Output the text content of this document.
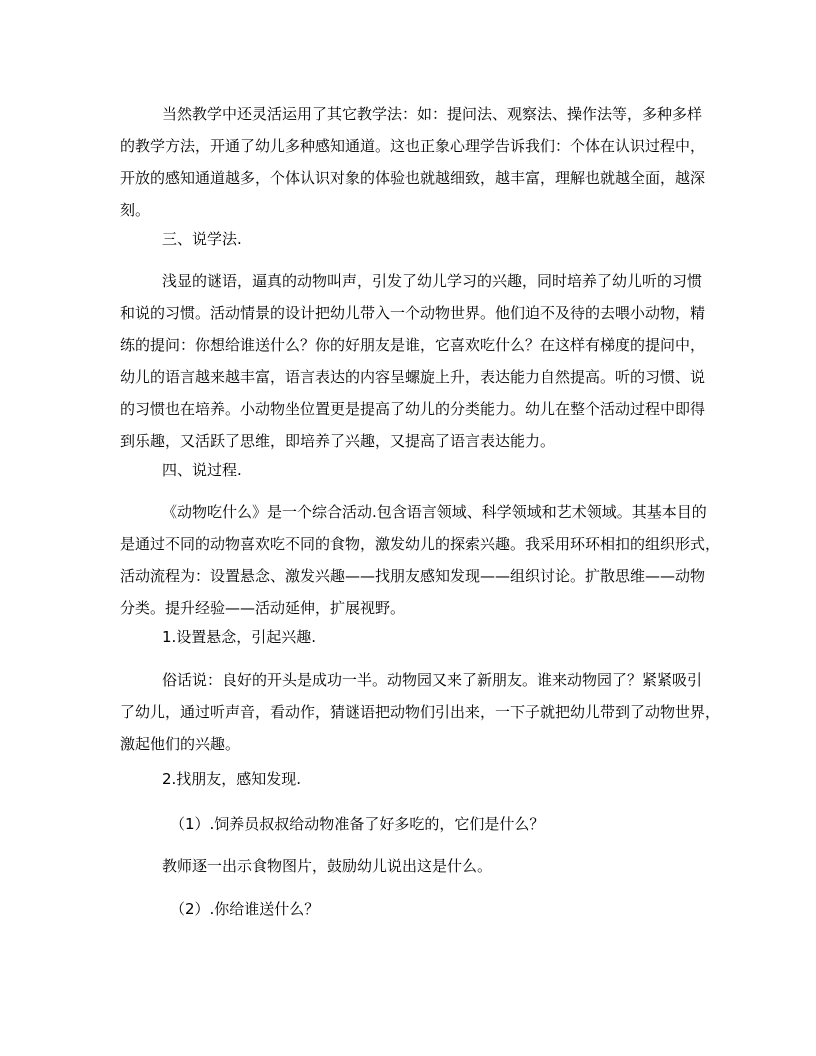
当然教学中还灵活运用了其它教学法：如：提问法、观察法、操作法等，多种多样
的教学方法，开通了幼儿多种感知通道。这也正象心理学告诉我们：个体在认识过程中，
开放的感知通道越多，个体认识对象的体验也就越细致，越丰富，理解也就越全面，越深
刻。

三、说学法.

浅显的谜语，逼真的动物叫声，引发了幼儿学习的兴趣，同时培养了幼儿听的习惯
和说的习惯。活动情景的设计把幼儿带入一个动物世界。他们迫不及待的去喂小动物，精
练的提问：你想给谁送什么？你的好朋友是谁，它喜欢吃什么？在这样有梯度的提问中，
幼儿的语言越来越丰富，语言表达的内容呈螺旋上升，表达能力自然提高。听的习惯、说
的习惯也在培养。小动物坐位置更是提高了幼儿的分类能力。幼儿在整个活动过程中即得
到乐趣，又活跃了思维，即培养了兴趣，又提高了语言表达能力。

四、说过程.

《动物吃什么》是一个综合活动.包含语言领域、科学领域和艺术领域。其基本目的
是通过不同的动物喜欢吃不同的食物，激发幼儿的探索兴趣。我采用环环相扣的组织形式，
活动流程为：设置悬念、激发兴趣——找朋友感知发现——组织讨论。扩散思维——动物
分类。提升经验——活动延伸，扩展视野。

1.设置悬念，引起兴趣.

俗话说：良好的开头是成功一半。动物园又来了新朋友。谁来动物园了？紧紧吸引
了幼儿，通过听声音，看动作，猜谜语把动物们引出来，一下子就把幼儿带到了动物世界，
激起他们的兴趣。

2.找朋友，感知发现.

（1）.饲养员叔叔给动物准备了好多吃的，它们是什么？

教师逐一出示食物图片，鼓励幼儿说出这是什么。

（2）.你给谁送什么？
